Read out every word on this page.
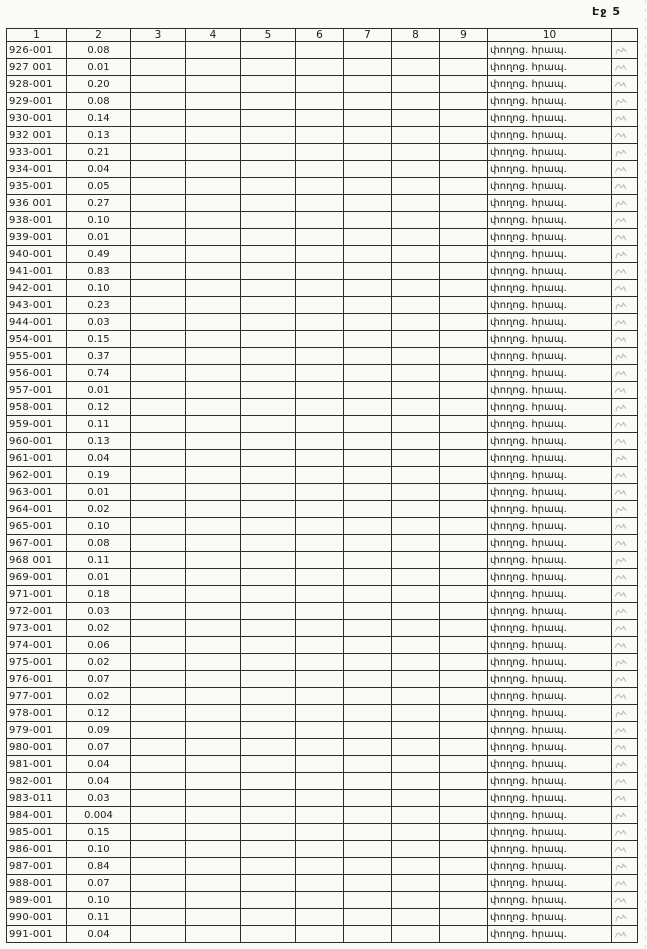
Էջ 5
1	2	3	4	5	6	7	8	9	10	
926-001	0.08								փողոց. հրապ.	

927 001	0.01								փողոց. հրապ.	

928-001	0.20								փողոց. հրապ.	

929-001	0.08								փողոց. հրապ.	

930-001	0.14								փողոց. հրապ.	

932 001	0.13								փողոց. հրապ.	

933-001	0.21								փողոց. հրապ.	

934-001	0.04								փողոց. հրապ.	

935-001	0.05								փողոց. հրապ.	

936 001	0.27								փողոց. հրապ.	

938-001	0.10								փողոց. հրապ.	

939-001	0.01								փողոց. հրապ.	

940-001	0.49								փողոց. հրապ.	

941-001	0.83								փողոց. հրապ.	

942-001	0.10								փողոց. հրապ.	

943-001	0.23								փողոց. հրապ.	

944-001	0.03								փողոց. հրապ.	

954-001	0.15								փողոց. հրապ.	

955-001	0.37								փողոց. հրապ.	

956-001	0.74								փողոց. հրապ.	

957-001	0.01								փողոց. հրապ.	

958-001	0.12								փողոց. հրապ.	

959-001	0.11								փողոց. հրապ.	

960-001	0.13								փողոց. հրապ.	

961-001	0.04								փողոց. հրապ.	

962-001	0.19								փողոց. հրապ.	

963-001	0.01								փողոց. հրապ.	

964-001	0.02								փողոց. հրապ.	

965-001	0.10								փողոց. հրապ.	

967-001	0.08								փողոց. հրապ.	

968 001	0.11								փողոց. հրապ.	

969-001	0.01								փողոց. հրապ.	

971-001	0.18								փողոց. հրապ.	

972-001	0.03								փողոց. հրապ.	

973-001	0.02								փողոց. հրապ.	

974-001	0.06								փողոց. հրապ.	

975-001	0.02								փողոց. հրապ.	

976-001	0.07								փողոց. հրապ.	

977-001	0.02								փողոց. հրապ.	

978-001	0.12								փողոց. հրապ.	

979-001	0.09								փողոց. հրապ.	

980-001	0.07								փողոց. հրապ.	

981-001	0.04								փողոց. հրապ.	

982-001	0.04								փողոց. հրապ.	

983-011	0.03								փողոց. հրապ.	

984-001	0.004								փողոց. հրապ.	

985-001	0.15								փողոց. հրապ.	

986-001	0.10								փողոց. հրապ.	

987-001	0.84								փողոց. հրապ.	

988-001	0.07								փողոց. հրապ.	

989-001	0.10								փողոց. հրապ.	

990-001	0.11								փողոց. հրապ.	

991-001	0.04								փողոց. հրապ.	
